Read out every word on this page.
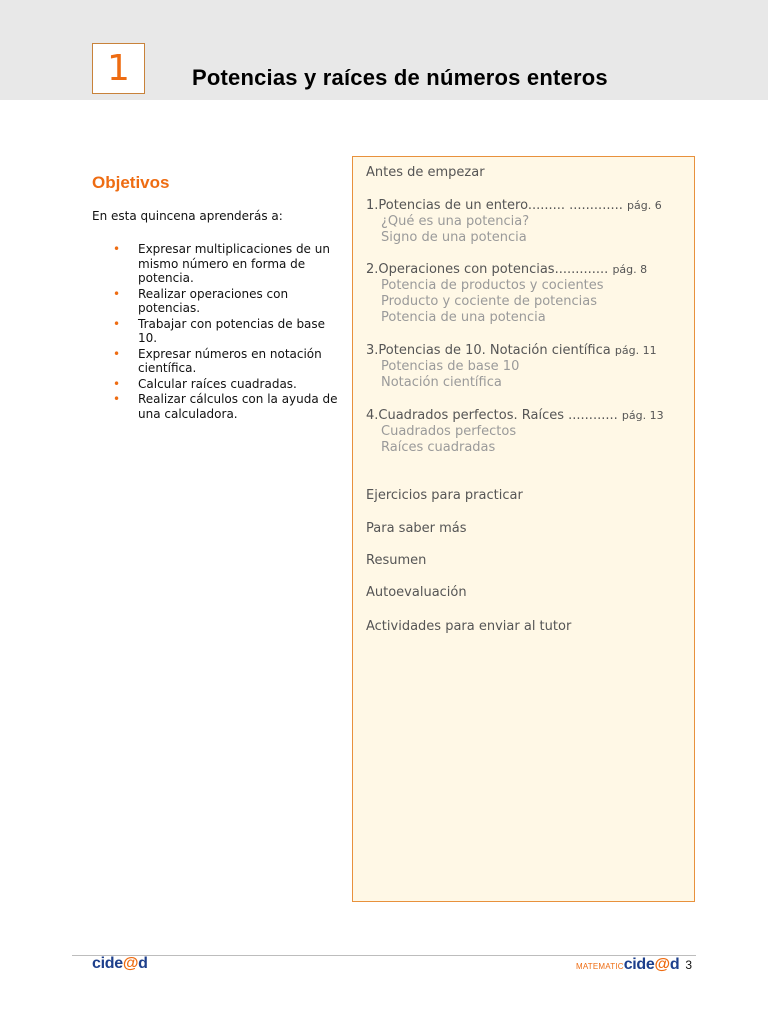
1	Potencias y raíces de números enteros
Objetivos
En esta quincena aprenderás a:
• Expresar multiplicaciones de un mismo número en forma de potencia.
• Realizar operaciones con potencias.
• Trabajar con potencias de base 10.
• Expresar números en notación científica.
• Calcular raíces cuadradas.
• Realizar cálculos con la ayuda de una calculadora.
Antes de empezar
1.Potencias de un entero......... ............. pág. 6
¿Qué es una potencia?
Signo de una potencia
2.Operaciones con potencias............. pág. 8
Potencia de productos y cocientes
Producto y cociente de potencias
Potencia de una potencia
3.Potencias de 10. Notación científica pág. 11
Potencias de base 10
Notación científica
4.Cuadrados perfectos. Raíces ............ pág. 13
Cuadrados perfectos
Raíces cuadradas
Ejercicios para practicar
Para saber más
Resumen
Autoevaluación
Actividades para enviar al tutor
cide@d	MATEMATIC cide@d 3
